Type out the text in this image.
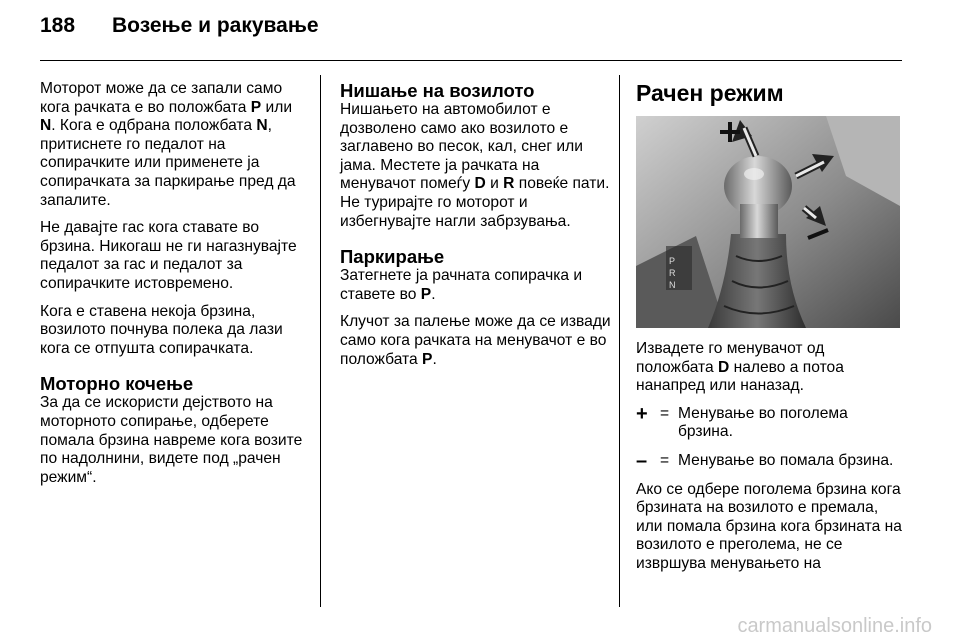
188 Возење и ракување

Моторот може да се запали само кога рачката е во положбата P или N. Кога е одбрана положбата N, притиснете го педалот на сопирачките или применете ја сопирачката за паркирање пред да запалите.

Не давајте гас кога ставате во брзина. Никогаш не ги нагазнувајте педалот за гас и педалот за сопирачките истовремено.

Кога е ставена некоја брзина, возилото почнува полека да лази кога се отпушта сопирачката.

Моторно кочење

За да се искористи дејството на моторното сопирање, одберете помала брзина навреме кога возите по надолнини, видете под „рачен режим“.

Нишање на возилото

Нишањето на автомобилот е дозволено само ако возилото е заглавено во песок, кал, снег или јама. Местете ја рачката на менувачот помеѓу D и R повеќе пати. Не турирајте го моторот и избегнувајте нагли забрзувања.

Паркирање

Затегнете ја рачната сопирачка и ставете во P.

Клучот за палење може да се извади само кога рачката на менувачот е во положбата P.

Рачен режим
P
R
N

Извадете го менувачот од положбата D налево а потоа нанапред или наназад.

+ = Менување во поголема брзина.
– = Менување во помала брзина.

Ако се одбере поголема брзина кога брзината на возилото е премала, или помала брзина кога брзината на возилото е преголема, не се извршува менувањето на

carmanualsonline.info
